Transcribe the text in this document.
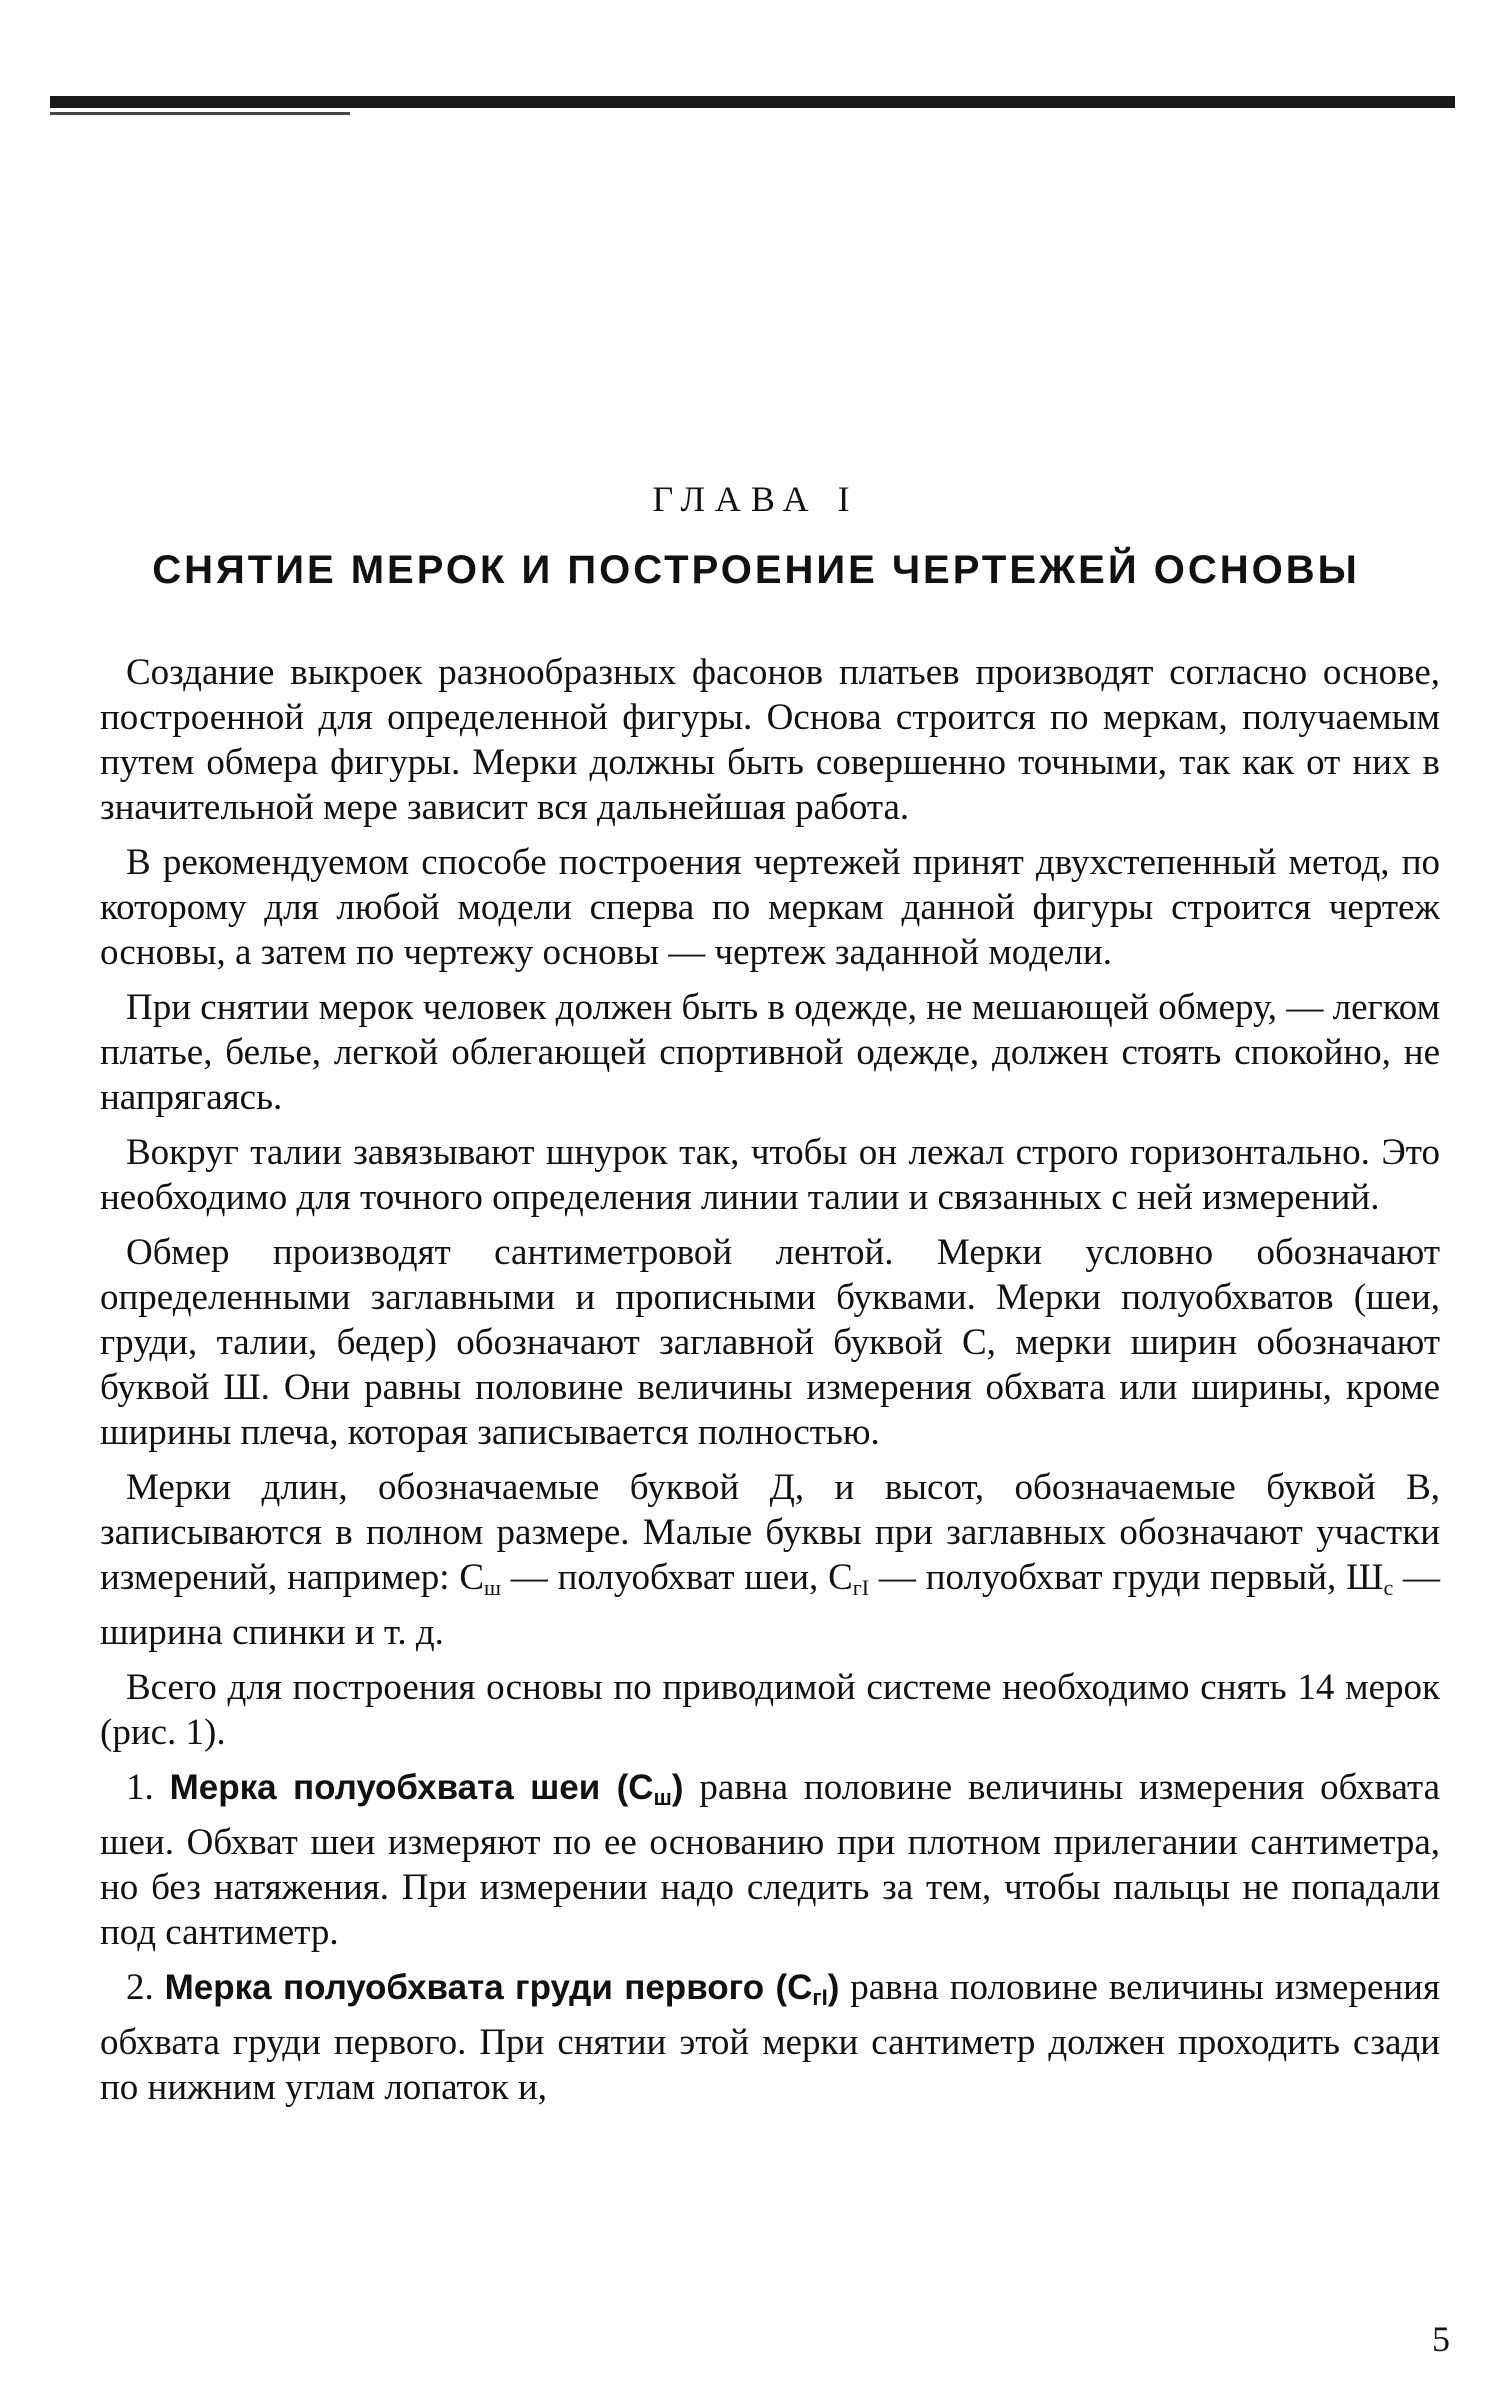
ГЛАВА I
СНЯТИЕ МЕРОК И ПОСТРОЕНИЕ ЧЕРТЕЖЕЙ ОСНОВЫ

Создание выкроек разнообразных фасонов платьев производят согласно основе, построенной для определенной фигуры. Основа строится по меркам, получаемым путем обмера фигуры. Мерки должны быть совершенно точными, так как от них в значительной мере зависит вся дальнейшая работа.

В рекомендуемом способе построения чертежей принят двухстепенный метод, по которому для любой модели сперва по меркам данной фигуры строится чертеж основы, а затем по чертежу основы — чертеж заданной модели.

При снятии мерок человек должен быть в одежде, не мешающей обмеру, — легком платье, белье, легкой облегающей спортивной одежде, должен стоять спокойно, не напрягаясь.

Вокруг талии завязывают шнурок так, чтобы он лежал строго горизонтально. Это необходимо для точного определения линии талии и связанных с ней измерений.

Обмер производят сантиметровой лентой. Мерки условно обозначают определенными заглавными и прописными буквами. Мерки полуобхватов (шеи, груди, талии, бедер) обозначают заглавной буквой С, мерки ширин обозначают буквой Ш. Они равны половине величины измерения обхвата или ширины, кроме ширины плеча, которая записывается полностью.

Мерки длин, обозначаемые буквой Д, и высот, обозначаемые буквой В, записываются в полном размере. Малые буквы при заглавных обозначают участки измерений, например: $С_ш$ — полуобхват шеи, $С_{гI}$ — полуобхват груди первый, $Ш_с$ — ширина спинки и т. д.

Всего для построения основы по приводимой системе необходимо снять 14 мерок (рис. 1).

1. Мерка полуобхвата шеи $(С_ш)$ равна половине величины измерения обхвата шеи. Обхват шеи измеряют по ее основанию при плотном прилегании сантиметра, но без натяжения. При измерении надо следить за тем, чтобы пальцы не попадали под сантиметр.

2. Мерка полуобхвата груди первого $(С_{гI})$ равна половине величины измерения обхвата груди первого. При снятии этой мерки сантиметр должен проходить сзади по нижним углам лопаток и,

5
